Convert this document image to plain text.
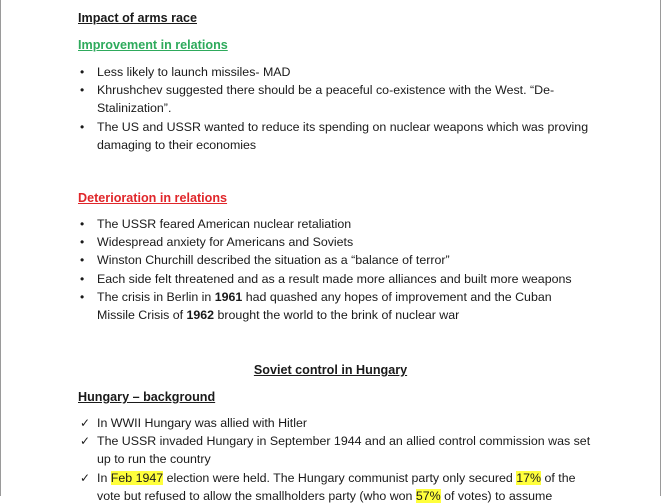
Impact of arms race
Improvement in relations
• Less likely to launch missiles- MAD
• Khrushchev suggested there should be a peaceful co-existence with the West. “De-
Stalinization”.
• The US and USSR wanted to reduce its spending on nuclear weapons which was proving
damaging to their economies
Deterioration in relations
• The USSR feared American nuclear retaliation
• Widespread anxiety for Americans and Soviets
• Winston Churchill described the situation as a “balance of terror”
• Each side felt threatened and as a result made more alliances and built more weapons
• The crisis in Berlin in 1961 had quashed any hopes of improvement and the Cuban
Missile Crisis of 1962 brought the world to the brink of nuclear war
Soviet control in Hungary
Hungary – background
✓ In WWII Hungary was allied with Hitler
✓ The USSR invaded Hungary in September 1944 and an allied control commission was set
up to run the country
✓ In Feb 1947 election were held. The Hungary communist party only secured 17% of the
vote but refused to allow the smallholders party (who won 57% of votes) to assume
